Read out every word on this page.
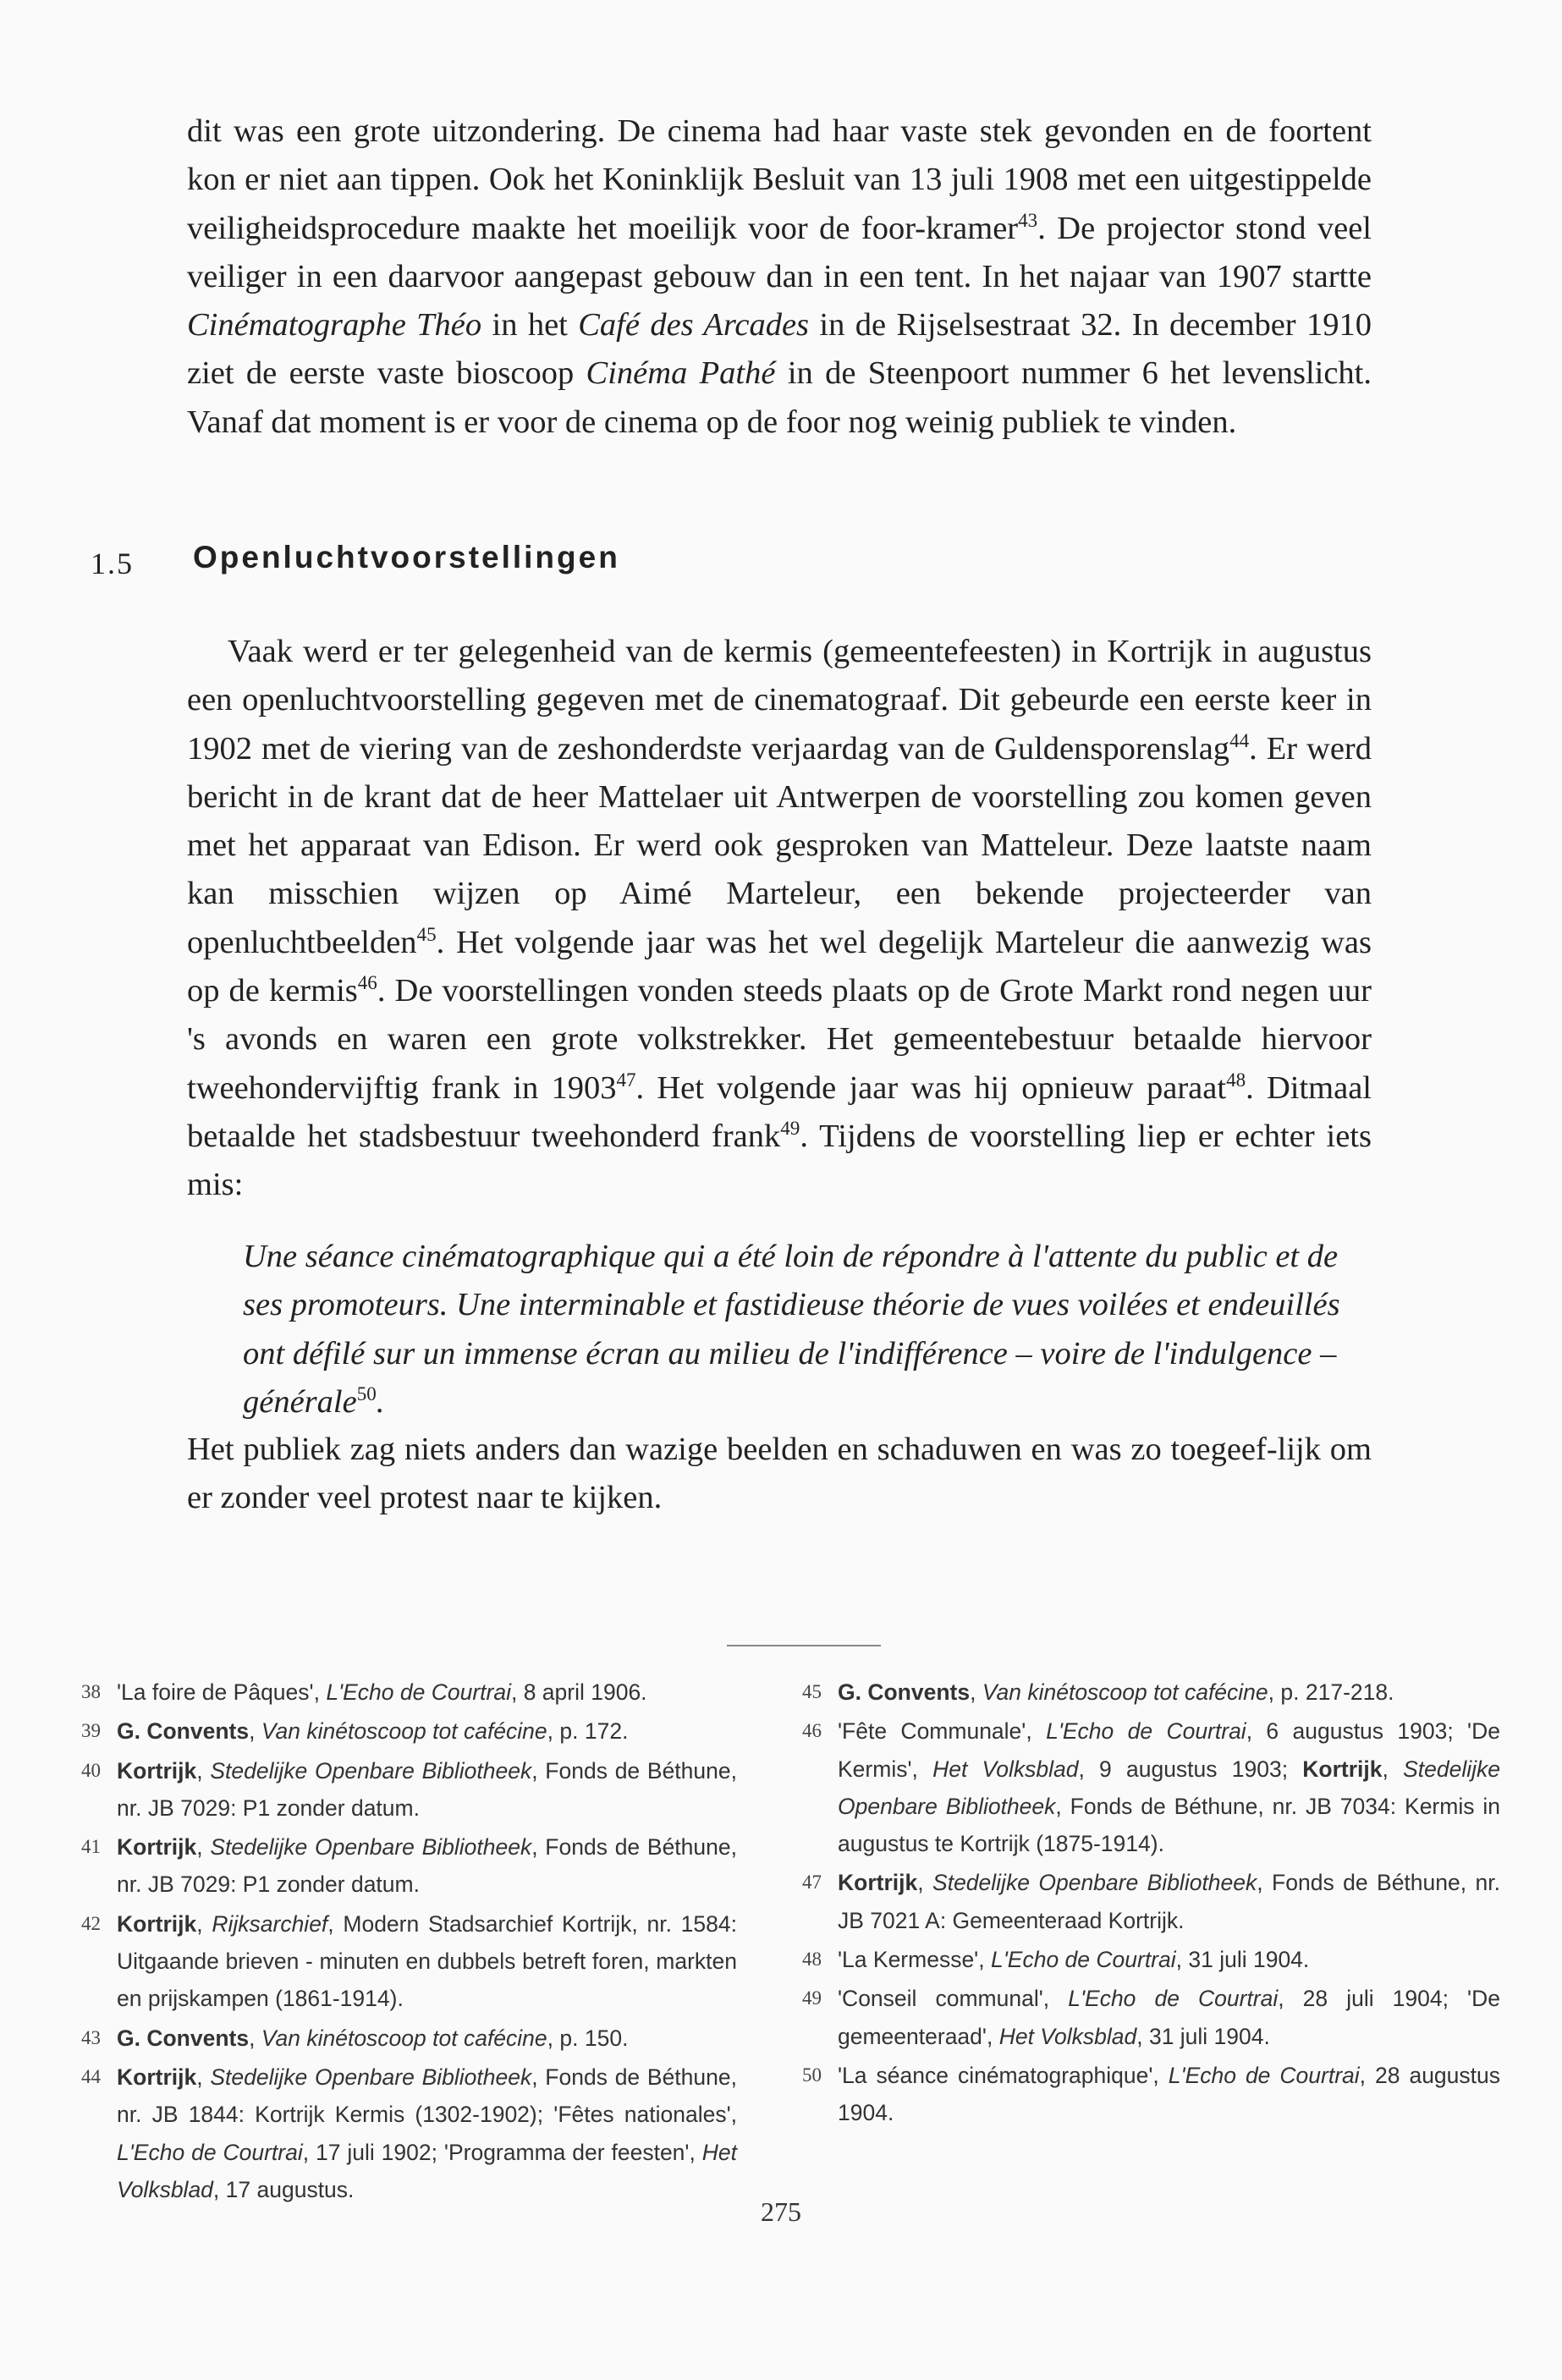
dit was een grote uitzondering. De cinema had haar vaste stek gevonden en de foortent kon er niet aan tippen. Ook het Koninklijk Besluit van 13 juli 1908 met een uitgestippelde veiligheidsprocedure maakte het moeilijk voor de foor-kramer$^{43}$. De projector stond veel veiliger in een daarvoor aangepast gebouw dan in een tent. In het najaar van 1907 startte Cinématographe Théo in het Café des Arcades in de Rijselsestraat 32. In december 1910 ziet de eerste vaste bioscoop Cinéma Pathé in de Steenpoort nummer 6 het levenslicht. Vanaf dat moment is er voor de cinema op de foor nog weinig publiek te vinden.

1.5 Openluchtvoorstellingen

Vaak werd er ter gelegenheid van de kermis (gemeentefeesten) in Kortrijk in augustus een openluchtvoorstelling gegeven met de cinematograaf. Dit gebeurde een eerste keer in 1902 met de viering van de zeshonderdste verjaardag van de Guldensporenslag$^{44}$. Er werd bericht in de krant dat de heer Mattelaer uit Antwerpen de voorstelling zou komen geven met het apparaat van Edison. Er werd ook gesproken van Matteleur. Deze laatste naam kan misschien wijzen op Aimé Marteleur, een bekende projecteerder van openluchtbeelden$^{45}$. Het volgende jaar was het wel degelijk Marteleur die aanwezig was op de kermis$^{46}$. De voorstellingen vonden steeds plaats op de Grote Markt rond negen uur 's avonds en waren een grote volkstrekker. Het gemeentebestuur betaalde hiervoor tweehondervijftig frank in 1903$^{47}$. Het volgende jaar was hij opnieuw paraat$^{48}$. Ditmaal betaalde het stadsbestuur tweehonderd frank$^{49}$. Tijdens de voorstelling liep er echter iets mis:

Une séance cinématographique qui a été loin de répondre à l'attente du public et de ses promoteurs. Une interminable et fastidieuse théorie de vues voilées et endeuillés ont défilé sur un immense écran au milieu de l'indifférence – voire de l'indulgence – générale$^{50}$.

Het publiek zag niets anders dan wazige beelden en schaduwen en was zo toegeef-lijk om er zonder veel protest naar te kijken.

38 'La foire de Pâques', L'Echo de Courtrai, 8 april 1906.
39 G. Convents, Van kinétoscoop tot cafécine, p. 172.
40 Kortrijk, Stedelijke Openbare Bibliotheek, Fonds de Béthune, nr. JB 7029: P1 zonder datum.
41 Kortrijk, Stedelijke Openbare Bibliotheek, Fonds de Béthune, nr. JB 7029: P1 zonder datum.
42 Kortrijk, Rijksarchief, Modern Stadsarchief Kortrijk, nr. 1584: Uitgaande brieven - minuten en dubbels betreft foren, markten en prijskampen (1861-1914).
43 G. Convents, Van kinétoscoop tot cafécine, p. 150.
44 Kortrijk, Stedelijke Openbare Bibliotheek, Fonds de Béthune, nr. JB 1844: Kortrijk Kermis (1302-1902); 'Fêtes nationales', L'Echo de Courtrai, 17 juli 1902; 'Programma der feesten', Het Volksblad, 17 augustus.
45 G. Convents, Van kinétoscoop tot cafécine, p. 217-218.
46 'Fête Communale', L'Echo de Courtrai, 6 augustus 1903; 'De Kermis', Het Volksblad, 9 augustus 1903; Kortrijk, Stedelijke Openbare Bibliotheek, Fonds de Béthune, nr. JB 7034: Kermis in augustus te Kortrijk (1875-1914).
47 Kortrijk, Stedelijke Openbare Bibliotheek, Fonds de Béthune, nr. JB 7021 A: Gemeenteraad Kortrijk.
48 'La Kermesse', L'Echo de Courtrai, 31 juli 1904.
49 'Conseil communal', L'Echo de Courtrai, 28 juli 1904; 'De gemeenteraad', Het Volksblad, 31 juli 1904.
50 'La séance cinématographique', L'Echo de Courtrai, 28 augustus 1904.
275
